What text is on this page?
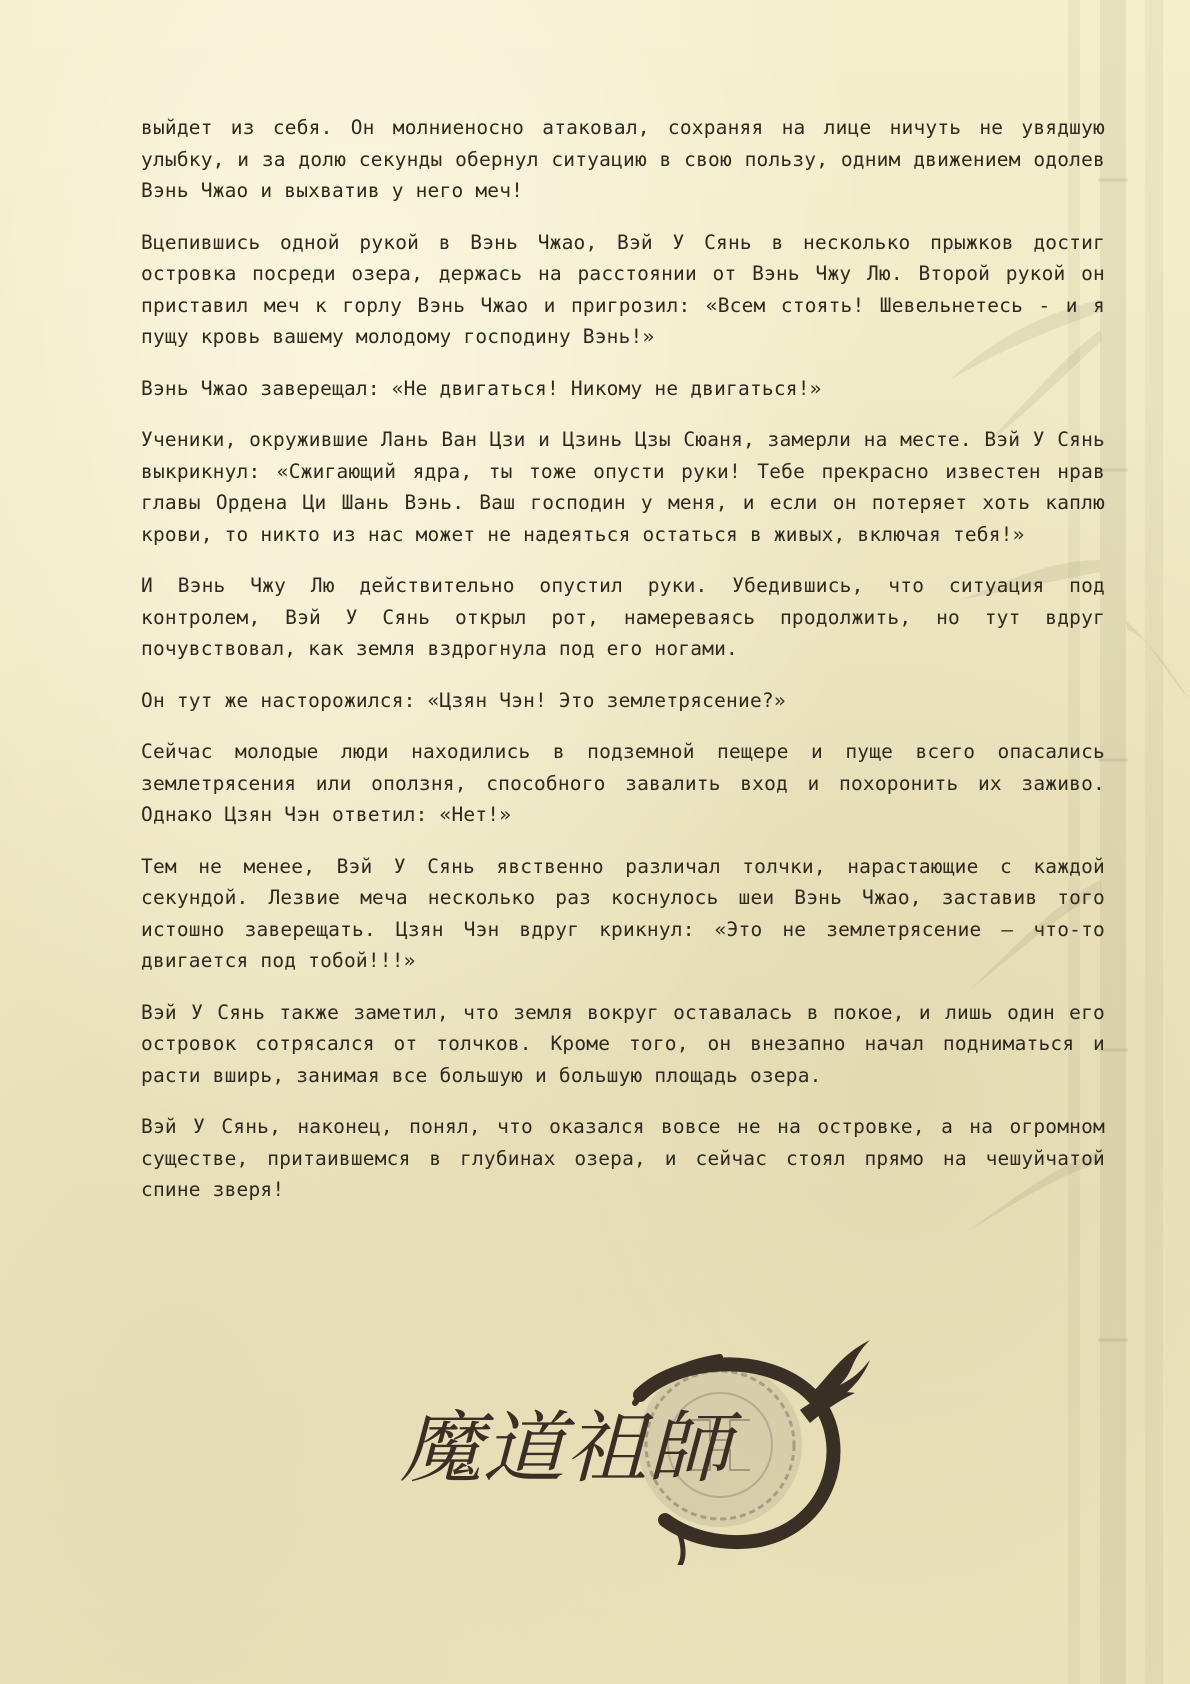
выйдет из себя. Он молниеносно атаковал, сохраняя на лице ничуть не увядшую улыбку, и за долю секунды обернул ситуацию в свою пользу, одним движением одолев Вэнь Чжао и выхватив у него меч!

Вцепившись одной рукой в Вэнь Чжао, Вэй У Сянь в несколько прыжков достиг островка посреди озера, держась на расстоянии от Вэнь Чжу Лю. Второй рукой он приставил меч к горлу Вэнь Чжао и пригрозил: «Всем стоять! Шевельнетесь - и я пущу кровь вашему молодому господину Вэнь!»

Вэнь Чжао заверещал: «Не двигаться! Никому не двигаться!»

Ученики, окружившие Лань Ван Цзи и Цзинь Цзы Сюаня, замерли на месте. Вэй У Сянь выкрикнул: «Сжигающий ядра, ты тоже опусти руки! Тебе прекрасно известен нрав главы Ордена Ци Шань Вэнь. Ваш господин у меня, и если он потеряет хоть каплю крови, то никто из нас может не надеяться остаться в живых, включая тебя!»

И Вэнь Чжу Лю действительно опустил руки. Убедившись, что ситуация под контролем, Вэй У Сянь открыл рот, намереваясь продолжить, но тут вдруг почувствовал, как земля вздрогнула под его ногами.

Он тут же насторожился: «Цзян Чэн! Это землетрясение?»

Сейчас молодые люди находились в подземной пещере и пуще всего опасались землетрясения или оползня, способного завалить вход и похоронить их заживо. Однако Цзян Чэн ответил: «Нет!»

Тем не менее, Вэй У Сянь явственно различал толчки, нарастающие с каждой секундой. Лезвие меча несколько раз коснулось шеи Вэнь Чжао, заставив того истошно заверещать. Цзян Чэн вдруг крикнул: «Это не землетрясение – что-то двигается под тобой!!!»

Вэй У Сянь также заметил, что земля вокруг оставалась в покое, и лишь один его островок сотрясался от толчков. Кроме того, он внезапно начал подниматься и расти вширь, занимая все большую и большую площадь озера.

Вэй У Сянь, наконец, понял, что оказался вовсе не на островке, а на огромном существе, притаившемся в глубинах озера, и сейчас стоял прямо на чешуйчатой спине зверя!

魔道祖師
